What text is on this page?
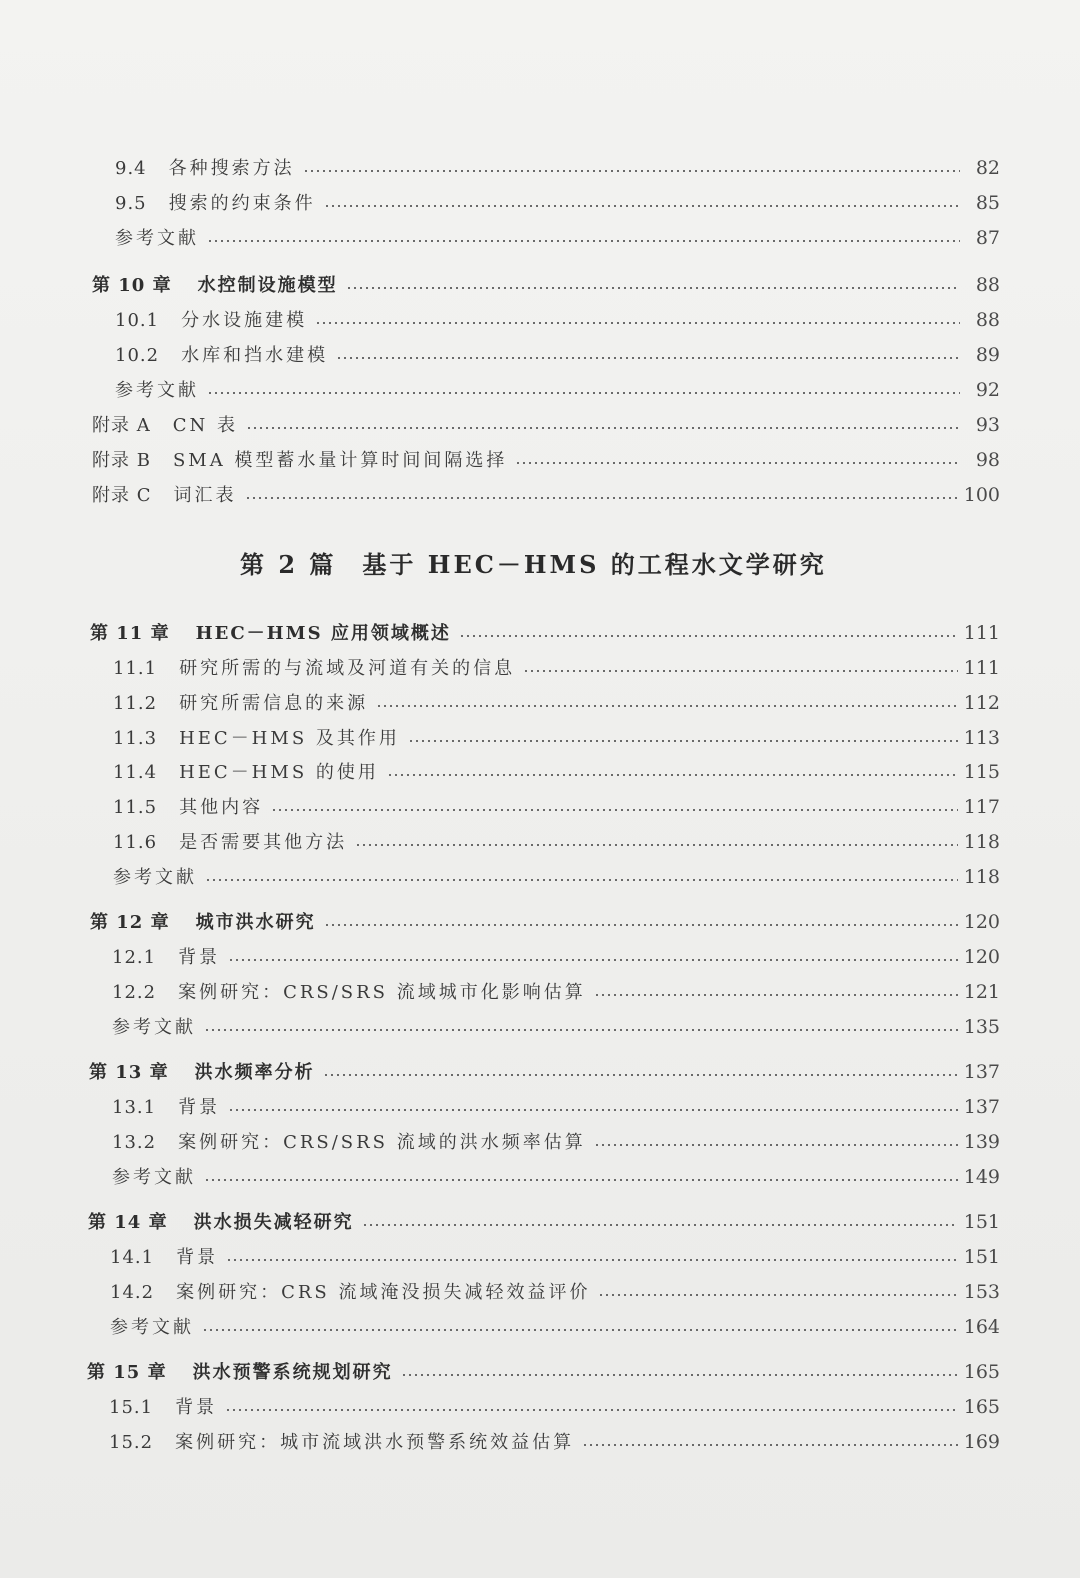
9.4 各种搜索方法	82
9.5 搜索的约束条件	85
参考文献	87
第 10 章 水控制设施模型	88
10.1 分水设施建模	88
10.2 水库和挡水建模	89
参考文献	92
附录 A CN 表	93
附录 B SMA 模型蓄水量计算时间间隔选择	98
附录 C 词汇表	100
第 11 章 HEC－HMS 应用领域概述	111
11.1 研究所需的与流域及河道有关的信息	111
11.2 研究所需信息的来源	112
11.3 HEC－HMS 及其作用	113
11.4 HEC－HMS 的使用	115
11.5 其他内容	117
11.6 是否需要其他方法	118
参考文献	118
第 12 章 城市洪水研究	120
12.1 背景	120
12.2 案例研究：CRS/SRS 流域城市化影响估算	121
参考文献	135
第 13 章 洪水频率分析	137
13.1 背景	137
13.2 案例研究：CRS/SRS 流域的洪水频率估算	139
参考文献	149
第 14 章 洪水损失减轻研究	151
14.1 背景	151
14.2 案例研究：CRS 流域淹没损失减轻效益评价	153
参考文献	164
第 15 章 洪水预警系统规划研究	165
15.1 背景	165
15.2 案例研究：城市流域洪水预警系统效益估算	169
第 2 篇 基于 HEC－HMS 的工程水文学研究
